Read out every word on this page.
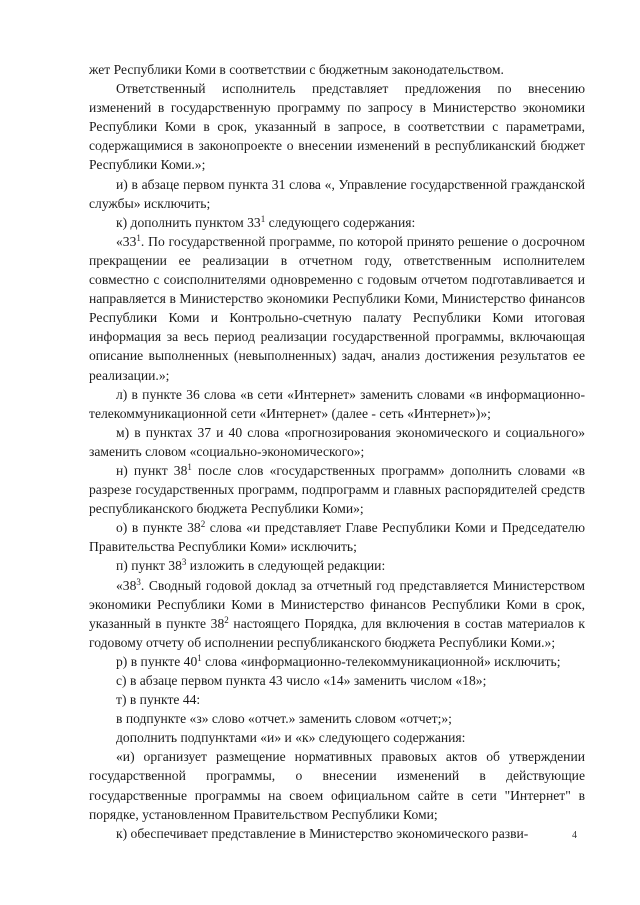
жет Республики Коми в соответствии с бюджетным законодательством.

Ответственный исполнитель представляет предложения по внесению изменений в государственную программу по запросу в Министерство экономики Республики Коми в срок, указанный в запросе, в соответствии с параметрами, содержащимися в законопроекте о внесении изменений в республиканский бюджет Республики Коми.»;

и) в абзаце первом пункта 31 слова «, Управление государственной гражданской службы» исключить;

к) дополнить пунктом $33^1$ следующего содержания:

«$33^1$. По государственной программе, по которой принято решение о досрочном прекращении ее реализации в отчетном году, ответственным исполнителем совместно с соисполнителями одновременно с годовым отчетом подготавливается и направляется в Министерство экономики Республики Коми, Министерство финансов Республики Коми и Контрольно-счетную палату Республики Коми итоговая информация за весь период реализации государственной программы, включающая описание выполненных (невыполненных) задач, анализ достижения результатов ее реализации.»;

л) в пункте 36 слова «в сети «Интернет» заменить словами «в информационно-телекоммуникационной сети «Интернет» (далее - сеть «Интернет»)»;

м) в пунктах 37 и 40 слова «прогнозирования экономического и социального» заменить словом «социально-экономического»;

н) пункт $38^1$ после слов «государственных программ» дополнить словами «в разрезе государственных программ, подпрограмм и главных распорядителей средств республиканского бюджета Республики Коми»;

о) в пункте $38^2$ слова «и представляет Главе Республики Коми и Председателю Правительства Республики Коми» исключить;

п) пункт $38^3$ изложить в следующей редакции:

«$38^3$. Сводный годовой доклад за отчетный год представляется Министерством экономики Республики Коми в Министерство финансов Республики Коми в срок, указанный в пункте $38^2$ настоящего Порядка, для включения в состав материалов к годовому отчету об исполнении республиканского бюджета Республики Коми.»;

р) в пункте $40^1$ слова «информационно-телекоммуникационной» исключить;

с) в абзаце первом пункта 43 число «14» заменить числом «18»;

т) в пункте 44:

в подпункте «з» слово «отчет.» заменить словом «отчет;»;

дополнить подпунктами «и» и «к» следующего содержания:

«и) организует размещение нормативных правовых актов об утверждении государственной программы, о внесении изменений в действующие государственные программы на своем официальном сайте в сети "Интернет" в порядке, установленном Правительством Республики Коми;

к) обеспечивает представление в Министерство экономического разви-	4
